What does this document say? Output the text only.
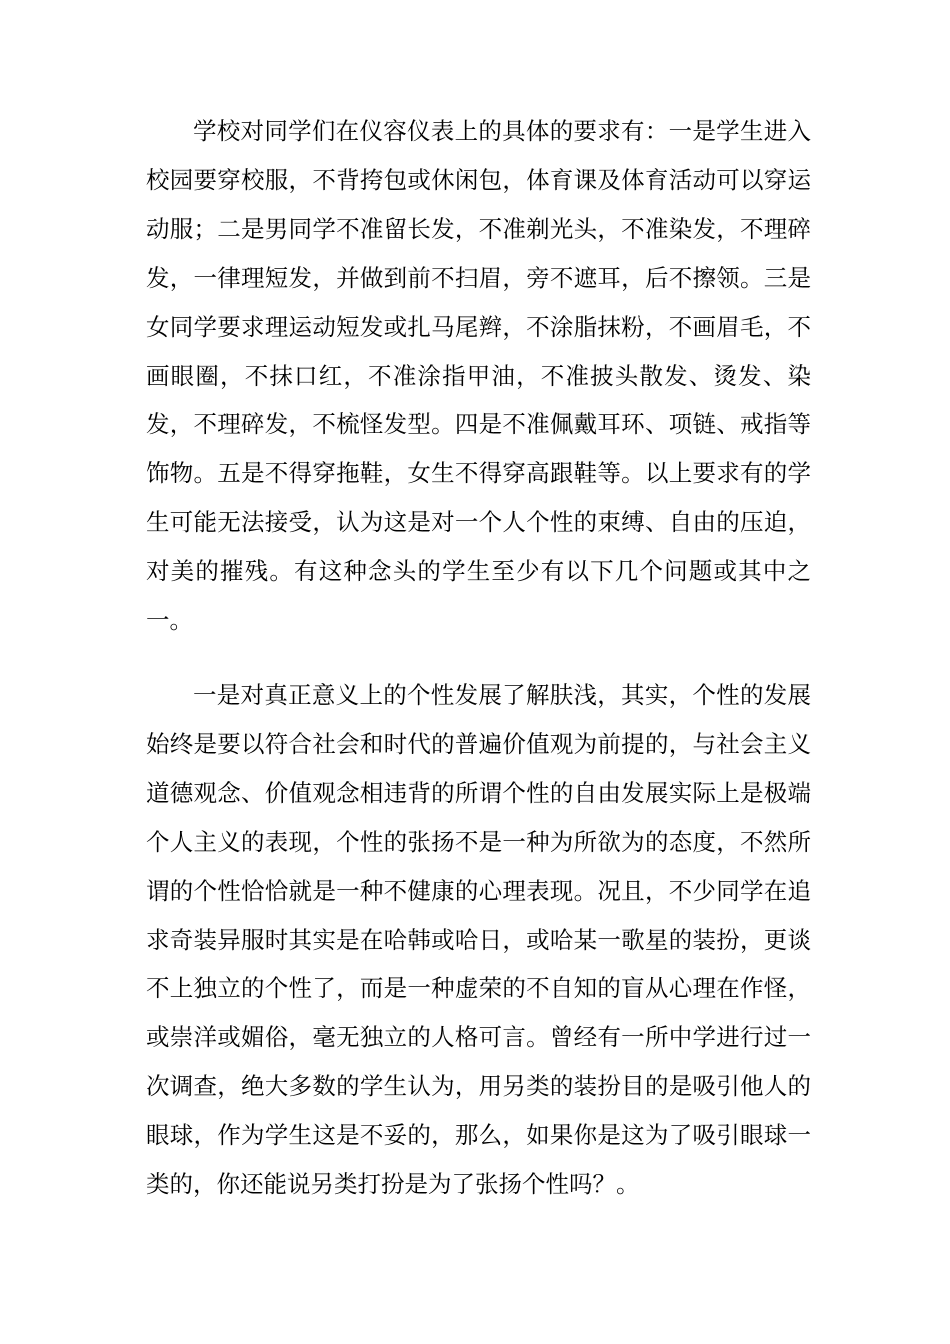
学校对同学们在仪容仪表上的具体的要求有：一是学生进入校园要穿校服，不背挎包或休闲包，体育课及体育活动可以穿运动服；二是男同学不准留长发，不准剃光头，不准染发，不理碎发，一律理短发，并做到前不扫眉，旁不遮耳，后不擦领。三是女同学要求理运动短发或扎马尾辫，不涂脂抹粉，不画眉毛，不画眼圈，不抹口红，不准涂指甲油，不准披头散发、烫发、染发，不理碎发，不梳怪发型。四是不准佩戴耳环、项链、戒指等饰物。五是不得穿拖鞋，女生不得穿高跟鞋等。以上要求有的学生可能无法接受，认为这是对一个人个性的束缚、自由的压迫，对美的摧残。有这种念头的学生至少有以下几个问题或其中之一。

一是对真正意义上的个性发展了解肤浅，其实，个性的发展始终是要以符合社会和时代的普遍价值观为前提的，与社会主义道德观念、价值观念相违背的所谓个性的自由发展实际上是极端个人主义的表现，个性的张扬不是一种为所欲为的态度，不然所谓的个性恰恰就是一种不健康的心理表现。况且，不少同学在追求奇装异服时其实是在哈韩或哈日，或哈某一歌星的装扮，更谈不上独立的个性了，而是一种虚荣的不自知的盲从心理在作怪，或崇洋或媚俗，毫无独立的人格可言。曾经有一所中学进行过一次调查，绝大多数的学生认为，用另类的装扮目的是吸引他人的眼球，作为学生这是不妥的，那么，如果你是这为了吸引眼球一类的，你还能说另类打扮是为了张扬个性吗？。
